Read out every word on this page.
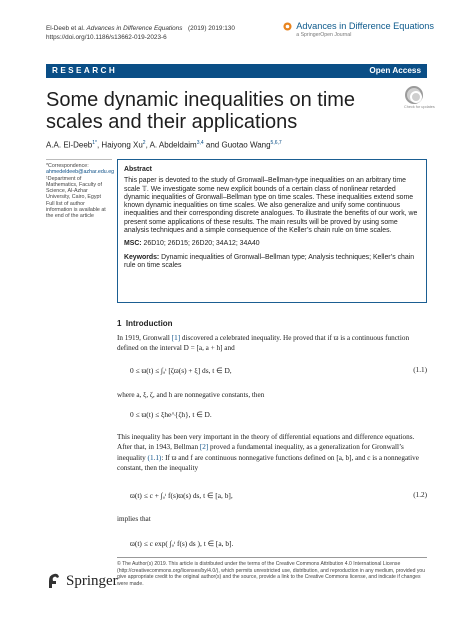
El-Deeb et al. Advances in Difference Equations
https://doi.org/10.1186/s13662-019-2023-6
(2019) 2019:130	Advances in Difference Equations
a SpringerOpen Journal
RESEARCH	Open Access
Some dynamic inequalities on time scales and their applications
Check for updates
A.A. El-Deeb$^{1*}$, Haiyong Xu$^2$, A. Abdeldaim$^{3,4}$ and Guotao Wang$^{5,6,7}$
*Correspondence:
ahmedeldeeb@azhar.edu.eg
¹Department of Mathematics, Faculty of Science, Al-Azhar University, Cairo, Egypt
Full list of author information is available at the end of the article
Abstract
This paper is devoted to the study of Gronwall–Bellman-type inequalities on an arbitrary time scale 𝕋. We investigate some new explicit bounds of a certain class of nonlinear retarded dynamic inequalities of Gronwall–Bellman type on time scales. These inequalities extend some known dynamic inequalities on time scales. We also generalize and unify some continuous inequalities and their corresponding discrete analogues. To illustrate the benefits of our work, we present some applications of these results. The main results will be proved by using some analysis techniques and a simple consequence of the Keller’s chain rule on time scales.
MSC: 26D10; 26D15; 26D20; 34A12; 34A40
Keywords: Dynamic inequalities of Gronwall–Bellman type; Analysis techniques; Keller’s chain rule on time scales
1 Introduction
In 1919, Gronwall [1] discovered a celebrated inequality. He proved that if ϖ is a continuous function defined on the interval D = [a, a + h] and
0 ≤ ϖ(t) ≤ ∫ₐᵗ [ζϖ(s) + ξ] ds, t ∈ D,	(1.1)
where a, ξ, ζ, and h are nonnegative constants, then
0 ≤ ϖ(t) ≤ ξhe^{ζh}, t ∈ D.
This inequality has been very important in the theory of differential equations and difference equations. After that, in 1943, Bellman [2] proved a fundamental inequality, as a generalization for Gronwall’s inequality (1.1): If ϖ and f are continuous nonnegative functions defined on [a, b], and c is a nonnegative constant, then the inequality
ϖ(t) ≤ c + ∫ₐᵗ f(s)ϖ(s) ds, t ∈ [a, b],	(1.2)
implies that
ϖ(t) ≤ c exp( ∫ₐᵗ f(s) ds ), t ∈ [a, b].
© The Author(s) 2019. This article is distributed under the terms of the Creative Commons Attribution 4.0 International License (http://creativecommons.org/licenses/by/4.0/), which permits unrestricted use, distribution, and reproduction in any medium, provided you give appropriate credit to the original author(s) and the source, provide a link to the Creative Commons license, and indicate if changes were made.
Springer
